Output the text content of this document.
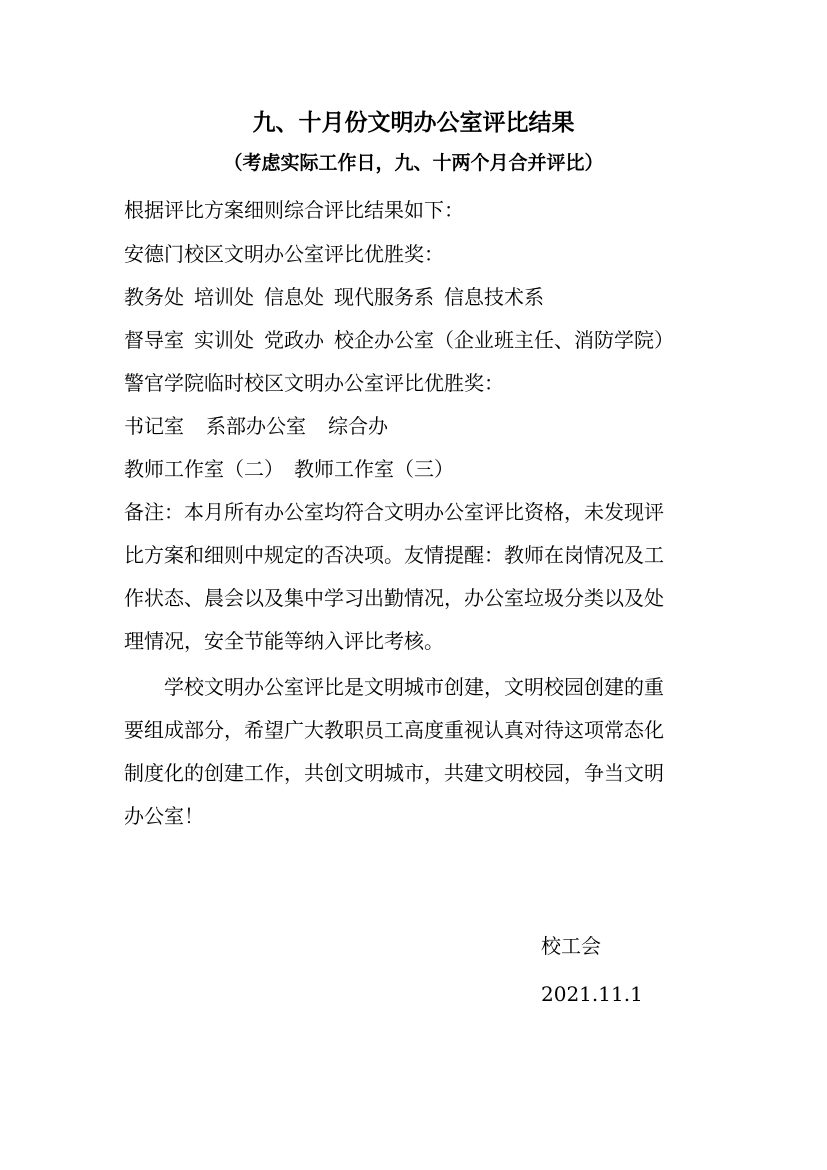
九、十月份文明办公室评比结果
（考虑实际工作日，九、十两个月合并评比）
根据评比方案细则综合评比结果如下：
安德门校区文明办公室评比优胜奖：
教务处 培训处 信息处 现代服务系 信息技术系
督导室 实训处 党政办 校企办公室（企业班主任、消防学院）
警官学院临时校区文明办公室评比优胜奖：
书记室 系部办公室 综合办
教师工作室（二） 教师工作室（三）
备注：本月所有办公室均符合文明办公室评比资格，未发现评
比方案和细则中规定的否决项。友情提醒：教师在岗情况及工
作状态、晨会以及集中学习出勤情况，办公室垃圾分类以及处
理情况，安全节能等纳入评比考核。
学校文明办公室评比是文明城市创建，文明校园创建的重
要组成部分，希望广大教职员工高度重视认真对待这项常态化
制度化的创建工作，共创文明城市，共建文明校园，争当文明
办公室！
校工会
2021.11.1
